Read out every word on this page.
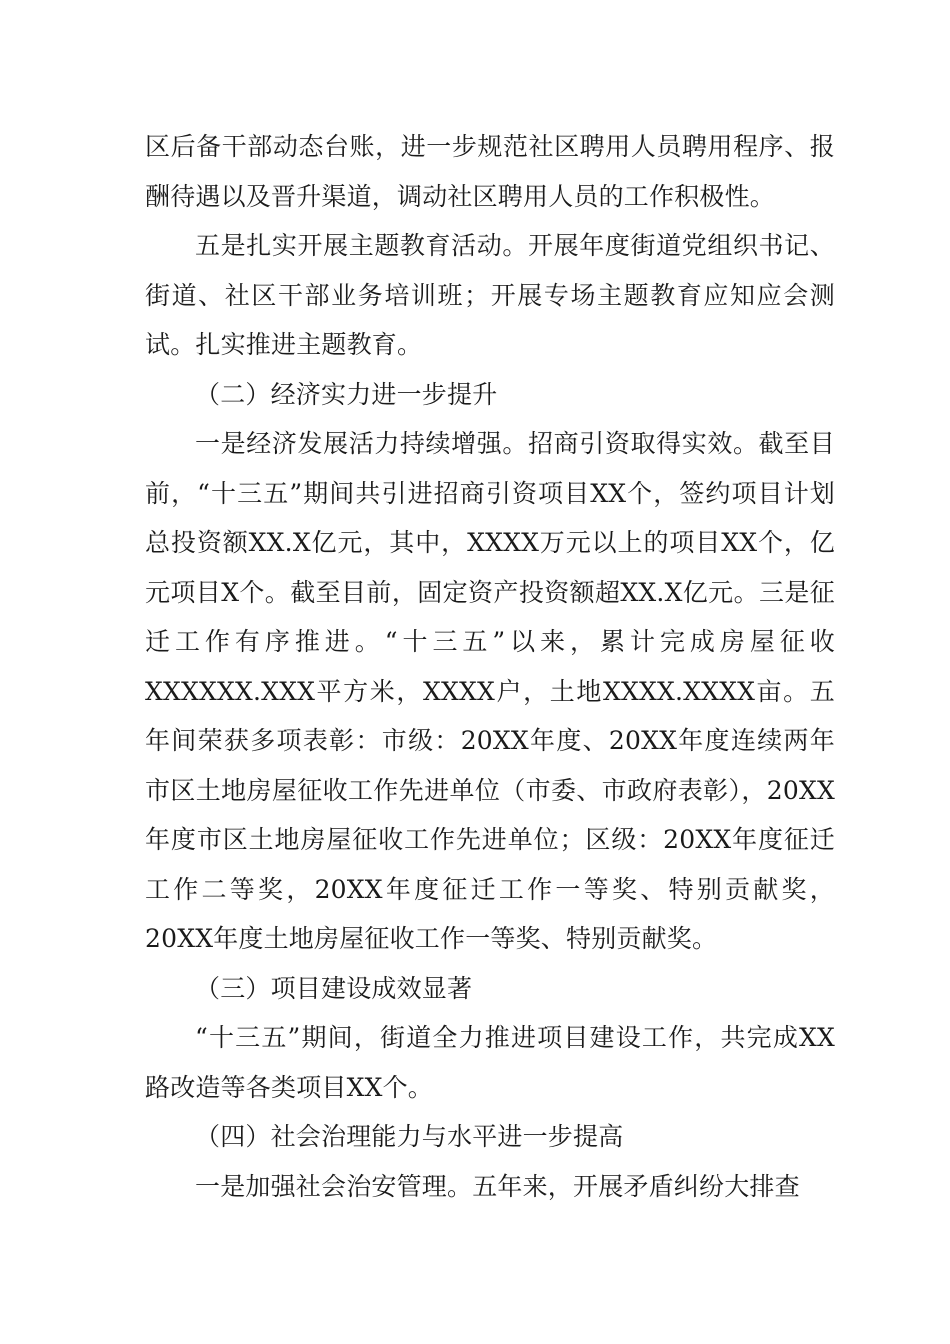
区后备干部动态台账，进一步规范社区聘用人员聘用程序、报酬待遇以及晋升渠道，调动社区聘用人员的工作积极性。

五是扎实开展主题教育活动。开展年度街道党组织书记、街道、社区干部业务培训班；开展专场主题教育应知应会测试。扎实推进主题教育。

（二）经济实力进一步提升

一是经济发展活力持续增强。招商引资取得实效。截至目前，“十三五”期间共引进招商引资项目XX个，签约项目计划总投资额XX.X亿元，其中，XXXX万元以上的项目XX个，亿元项目X个。截至目前，固定资产投资额超XX.X亿元。三是征迁工作有序推进。“十三五”以来，累计完成房屋征收XXXXXX.XXX平方米，XXXX户，土地XXXX.XXXX亩。五年间荣获多项表彰：市级：20XX年度、20XX年度连续两年市区土地房屋征收工作先进单位（市委、市政府表彰），20XX年度市区土地房屋征收工作先进单位；区级：20XX年度征迁工作二等奖，20XX年度征迁工作一等奖、特别贡献奖，20XX年度土地房屋征收工作一等奖、特别贡献奖。

（三）项目建设成效显著

“十三五”期间，街道全力推进项目建设工作，共完成XX路改造等各类项目XX个。

（四）社会治理能力与水平进一步提高

一是加强社会治安管理。五年来，开展矛盾纠纷大排查
